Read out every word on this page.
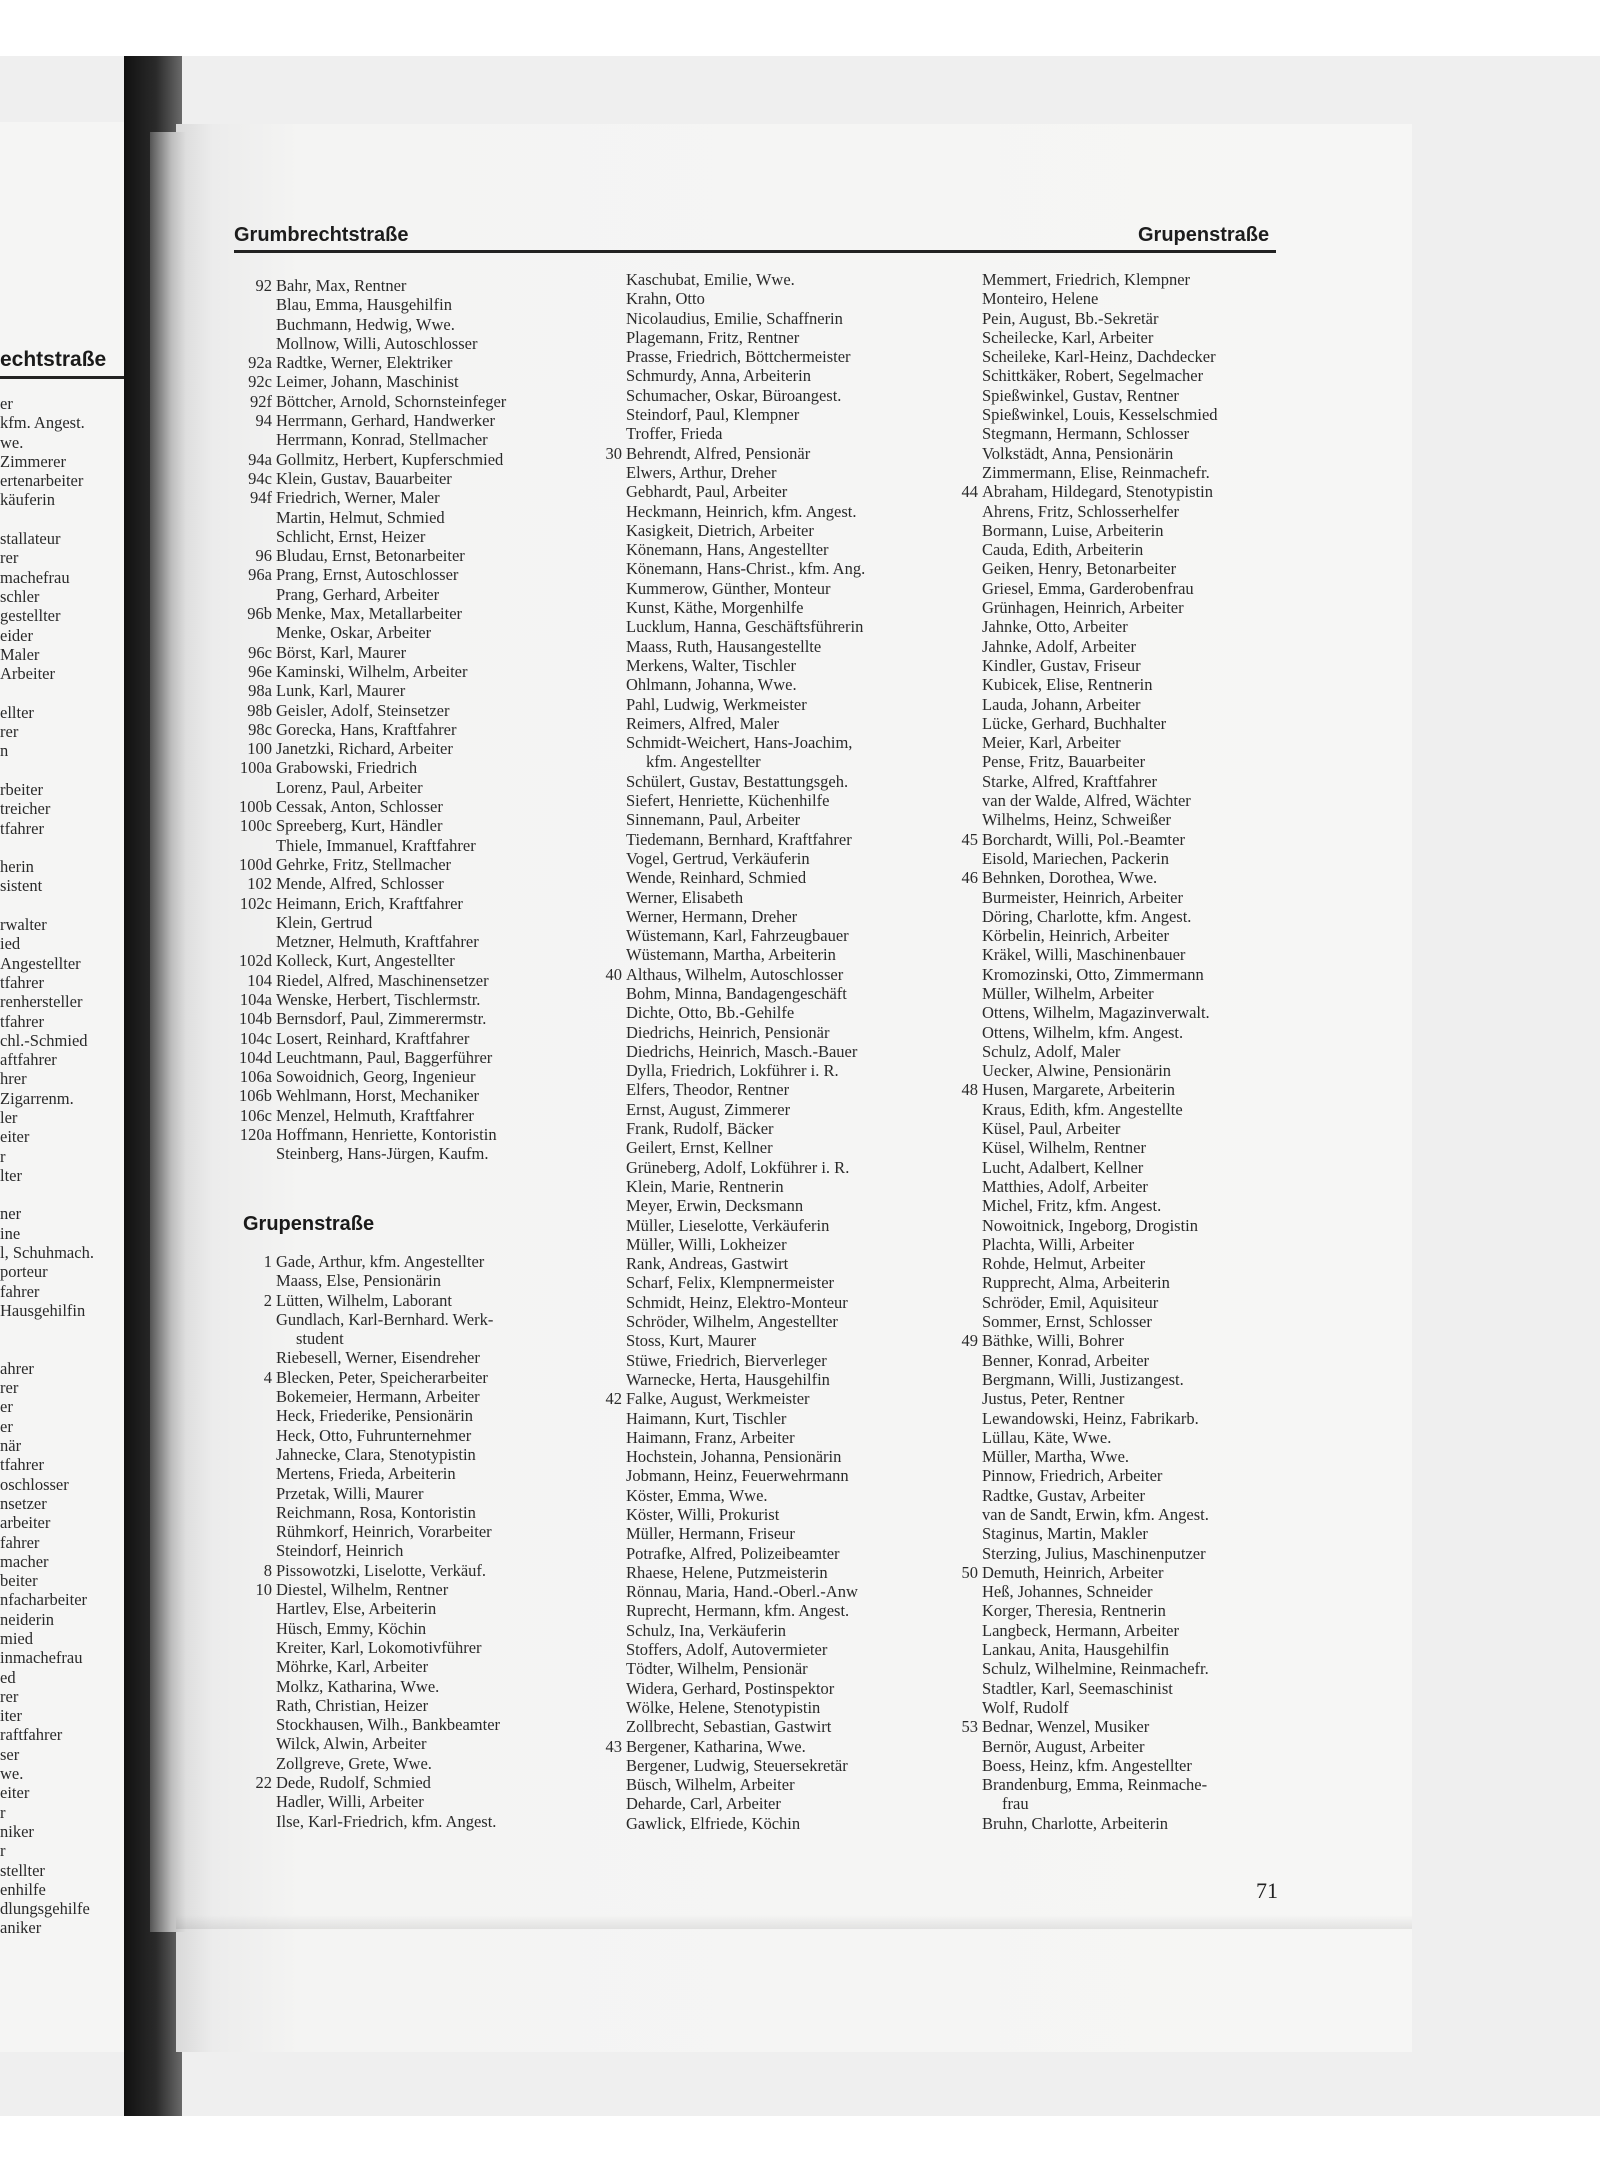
echtstraße
er
kfm. Angest.
we.
Zimmerer
ertenarbeiter
käuferin
stallateur
rer
machefrau
schler
gestellter
eider
Maler
Arbeiter
ellter
rer
n
rbeiter
treicher
tfahrer
herin
sistent
rwalter
ied
Angestellter
tfahrer
renhersteller
tfahrer
chl.-Schmied
aftfahrer
hrer
Zigarrenm.
ler
eiter
r
lter
ner
ine
l, Schuhmach.
porteur
fahrer
Hausgehilfin
ahrer
rer
er
er
när
tfahrer
oschlosser
nsetzer
arbeiter
fahrer
macher
beiter
nfacharbeiter
neiderin
mied
inmachefrau
ed
rer
iter
raftfahrer
ser
we.
eiter
r
niker
r
stellter
enhilfe
dlungsgehilfe
aniker
Grumbrechtstraße	Grupenstraße
92 Bahr, Max, Rentner
Blau, Emma, Hausgehilfin
Buchmann, Hedwig, Wwe.
Mollnow, Willi, Autoschlosser
92a Radtke, Werner, Elektriker
92c Leimer, Johann, Maschinist
92f Böttcher, Arnold, Schornsteinfeger
94 Herrmann, Gerhard, Handwerker
Herrmann, Konrad, Stellmacher
94a Gollmitz, Herbert, Kupferschmied
94c Klein, Gustav, Bauarbeiter
94f Friedrich, Werner, Maler
Martin, Helmut, Schmied
Schlicht, Ernst, Heizer
96 Bludau, Ernst, Betonarbeiter
96a Prang, Ernst, Autoschlosser
Prang, Gerhard, Arbeiter
96b Menke, Max, Metallarbeiter
Menke, Oskar, Arbeiter
96c Börst, Karl, Maurer
96e Kaminski, Wilhelm, Arbeiter
98a Lunk, Karl, Maurer
98b Geisler, Adolf, Steinsetzer
98c Gorecka, Hans, Kraftfahrer
100 Janetzki, Richard, Arbeiter
100a Grabowski, Friedrich
Lorenz, Paul, Arbeiter
100b Cessak, Anton, Schlosser
100c Spreeberg, Kurt, Händler
Thiele, Immanuel, Kraftfahrer
100d Gehrke, Fritz, Stellmacher
102 Mende, Alfred, Schlosser
102c Heimann, Erich, Kraftfahrer
Klein, Gertrud
Metzner, Helmuth, Kraftfahrer
102d Kolleck, Kurt, Angestellter
104 Riedel, Alfred, Maschinensetzer
104a Wenske, Herbert, Tischlermstr.
104b Bernsdorf, Paul, Zimmerermstr.
104c Losert, Reinhard, Kraftfahrer
104d Leuchtmann, Paul, Baggerführer
106a Sowoidnich, Georg, Ingenieur
106b Wehlmann, Horst, Mechaniker
106c Menzel, Helmuth, Kraftfahrer
120a Hoffmann, Henriette, Kontoristin
Steinberg, Hans-Jürgen, Kaufm.
Grupenstraße
1 Gade, Arthur, kfm. Angestellter
Maass, Else, Pensionärin
2 Lütten, Wilhelm, Laborant
Gundlach, Karl-Bernhard. Werk-
student
Riebesell, Werner, Eisendreher
4 Blecken, Peter, Speicherarbeiter
Bokemeier, Hermann, Arbeiter
Heck, Friederike, Pensionärin
Heck, Otto, Fuhrunternehmer
Jahnecke, Clara, Stenotypistin
Mertens, Frieda, Arbeiterin
Przetak, Willi, Maurer
Reichmann, Rosa, Kontoristin
Rühmkorf, Heinrich, Vorarbeiter
Steindorf, Heinrich
8 Pissowotzki, Liselotte, Verkäuf.
10 Diestel, Wilhelm, Rentner
Hartlev, Else, Arbeiterin
Hüsch, Emmy, Köchin
Kreiter, Karl, Lokomotivführer
Möhrke, Karl, Arbeiter
Molkz, Katharina, Wwe.
Rath, Christian, Heizer
Stockhausen, Wilh., Bankbeamter
Wilck, Alwin, Arbeiter
Zollgreve, Grete, Wwe.
22 Dede, Rudolf, Schmied
Hadler, Willi, Arbeiter
Ilse, Karl-Friedrich, kfm. Angest.
Kaschubat, Emilie, Wwe.
Krahn, Otto
Nicolaudius, Emilie, Schaffnerin
Plagemann, Fritz, Rentner
Prasse, Friedrich, Böttchermeister
Schmurdy, Anna, Arbeiterin
Schumacher, Oskar, Büroangest.
Steindorf, Paul, Klempner
Troffer, Frieda
30 Behrendt, Alfred, Pensionär
Elwers, Arthur, Dreher
Gebhardt, Paul, Arbeiter
Heckmann, Heinrich, kfm. Angest.
Kasigkeit, Dietrich, Arbeiter
Könemann, Hans, Angestellter
Könemann, Hans-Christ., kfm. Ang.
Kummerow, Günther, Monteur
Kunst, Käthe, Morgenhilfe
Lucklum, Hanna, Geschäftsführerin
Maass, Ruth, Hausangestellte
Merkens, Walter, Tischler
Ohlmann, Johanna, Wwe.
Pahl, Ludwig, Werkmeister
Reimers, Alfred, Maler
Schmidt-Weichert, Hans-Joachim,
kfm. Angestellter
Schülert, Gustav, Bestattungsgeh.
Siefert, Henriette, Küchenhilfe
Sinnemann, Paul, Arbeiter
Tiedemann, Bernhard, Kraftfahrer
Vogel, Gertrud, Verkäuferin
Wende, Reinhard, Schmied
Werner, Elisabeth
Werner, Hermann, Dreher
Wüstemann, Karl, Fahrzeugbauer
Wüstemann, Martha, Arbeiterin
40 Althaus, Wilhelm, Autoschlosser
Bohm, Minna, Bandagengeschäft
Dichte, Otto, Bb.-Gehilfe
Diedrichs, Heinrich, Pensionär
Diedrichs, Heinrich, Masch.-Bauer
Dylla, Friedrich, Lokführer i. R.
Elfers, Theodor, Rentner
Ernst, August, Zimmerer
Frank, Rudolf, Bäcker
Geilert, Ernst, Kellner
Grüneberg, Adolf, Lokführer i. R.
Klein, Marie, Rentnerin
Meyer, Erwin, Decksmann
Müller, Lieselotte, Verkäuferin
Müller, Willi, Lokheizer
Rank, Andreas, Gastwirt
Scharf, Felix, Klempnermeister
Schmidt, Heinz, Elektro-Monteur
Schröder, Wilhelm, Angestellter
Stoss, Kurt, Maurer
Stüwe, Friedrich, Bierverleger
Warnecke, Herta, Hausgehilfin
42 Falke, August, Werkmeister
Haimann, Kurt, Tischler
Haimann, Franz, Arbeiter
Hochstein, Johanna, Pensionärin
Jobmann, Heinz, Feuerwehrmann
Köster, Emma, Wwe.
Köster, Willi, Prokurist
Müller, Hermann, Friseur
Potrafke, Alfred, Polizeibeamter
Rhaese, Helene, Putzmeisterin
Rönnau, Maria, Hand.-Oberl.-Anw
Ruprecht, Hermann, kfm. Angest.
Schulz, Ina, Verkäuferin
Stoffers, Adolf, Autovermieter
Tödter, Wilhelm, Pensionär
Widera, Gerhard, Postinspektor
Wölke, Helene, Stenotypistin
Zollbrecht, Sebastian, Gastwirt
43 Bergener, Katharina, Wwe.
Bergener, Ludwig, Steuersekretär
Büsch, Wilhelm, Arbeiter
Deharde, Carl, Arbeiter
Gawlick, Elfriede, Köchin
Memmert, Friedrich, Klempner
Monteiro, Helene
Pein, August, Bb.-Sekretär
Scheilecke, Karl, Arbeiter
Scheileke, Karl-Heinz, Dachdecker
Schittkäker, Robert, Segelmacher
Spießwinkel, Gustav, Rentner
Spießwinkel, Louis, Kesselschmied
Stegmann, Hermann, Schlosser
Volkstädt, Anna, Pensionärin
Zimmermann, Elise, Reinmachefr.
44 Abraham, Hildegard, Stenotypistin
Ahrens, Fritz, Schlosserhelfer
Bormann, Luise, Arbeiterin
Cauda, Edith, Arbeiterin
Geiken, Henry, Betonarbeiter
Griesel, Emma, Garderobenfrau
Grünhagen, Heinrich, Arbeiter
Jahnke, Otto, Arbeiter
Jahnke, Adolf, Arbeiter
Kindler, Gustav, Friseur
Kubicek, Elise, Rentnerin
Lauda, Johann, Arbeiter
Lücke, Gerhard, Buchhalter
Meier, Karl, Arbeiter
Pense, Fritz, Bauarbeiter
Starke, Alfred, Kraftfahrer
van der Walde, Alfred, Wächter
Wilhelms, Heinz, Schweißer
45 Borchardt, Willi, Pol.-Beamter
Eisold, Mariechen, Packerin
46 Behnken, Dorothea, Wwe.
Burmeister, Heinrich, Arbeiter
Döring, Charlotte, kfm. Angest.
Körbelin, Heinrich, Arbeiter
Kräkel, Willi, Maschinenbauer
Kromozinski, Otto, Zimmermann
Müller, Wilhelm, Arbeiter
Ottens, Wilhelm, Magazinverwalt.
Ottens, Wilhelm, kfm. Angest.
Schulz, Adolf, Maler
Uecker, Alwine, Pensionärin
48 Husen, Margarete, Arbeiterin
Kraus, Edith, kfm. Angestellte
Küsel, Paul, Arbeiter
Küsel, Wilhelm, Rentner
Lucht, Adalbert, Kellner
Matthies, Adolf, Arbeiter
Michel, Fritz, kfm. Angest.
Nowoitnick, Ingeborg, Drogistin
Plachta, Willi, Arbeiter
Rohde, Helmut, Arbeiter
Rupprecht, Alma, Arbeiterin
Schröder, Emil, Aquisiteur
Sommer, Ernst, Schlosser
49 Bäthke, Willi, Bohrer
Benner, Konrad, Arbeiter
Bergmann, Willi, Justizangest.
Justus, Peter, Rentner
Lewandowski, Heinz, Fabrikarb.
Lüllau, Käte, Wwe.
Müller, Martha, Wwe.
Pinnow, Friedrich, Arbeiter
Radtke, Gustav, Arbeiter
van de Sandt, Erwin, kfm. Angest.
Staginus, Martin, Makler
Sterzing, Julius, Maschinenputzer
50 Demuth, Heinrich, Arbeiter
Heß, Johannes, Schneider
Korger, Theresia, Rentnerin
Langbeck, Hermann, Arbeiter
Lankau, Anita, Hausgehilfin
Schulz, Wilhelmine, Reinmachefr.
Stadtler, Karl, Seemaschinist
Wolf, Rudolf
53 Bednar, Wenzel, Musiker
Bernör, August, Arbeiter
Boess, Heinz, kfm. Angestellter
Brandenburg, Emma, Reinmache-
frau
Bruhn, Charlotte, Arbeiterin
71
